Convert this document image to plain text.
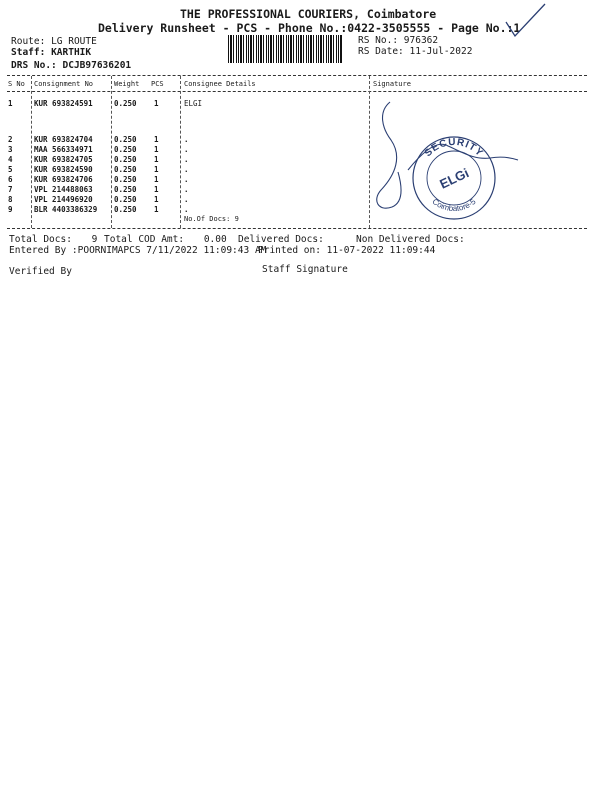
THE PROFESSIONAL COURIERS, Coimbatore
Delivery Runsheet - PCS - Phone No.:0422-3505555 - Page No.:1
Route: LG ROUTE
Staff: KARTHIK
DRS No.: DCJB97636201
RS No.: 976362
RS Date: 11-Jul-2022
S No Consignment No	Weight PCS	Consignee Details	Signature
1	KUR 693824591	0.250 1	ELGI
2	KUR 693824704	0.250 1	.
3	MAA 566334971	0.250 1	.
4	KUR 693824705	0.250 1	.
5	KUR 693824590	0.250 1	.
6	KUR 693824706	0.250 1	.
7	VPL 214488063	0.250 1	.
8	VPL 214496920	0.250 1	.
9	BLR 4403386329 0.250 1	.
No.Of Docs: 9
Total Docs: 9 Total COD Amt: 0.00 Delivered Docs:	Non Delivered Docs:
Entered By :POORNIMAPCS 7/11/2022 11:09:43 AM
Printed on: 11-07-2022 11:09:44
Verified By	Staff Signature
SECURITY
Coimbatore-5
ELGi
